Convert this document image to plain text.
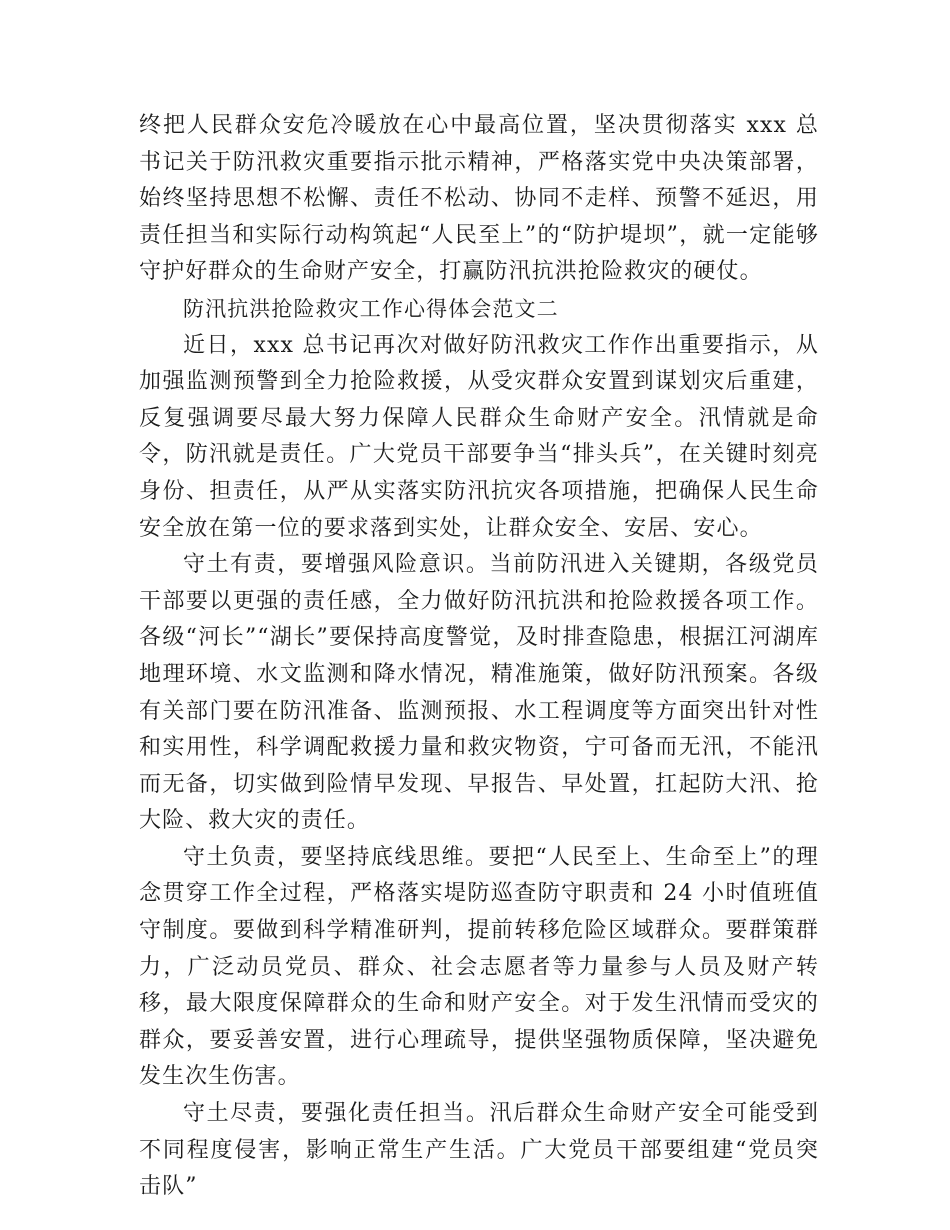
终把人民群众安危冷暖放在心中最高位置，坚决贯彻落实 xxx 总书记关于防汛救灾重要指示批示精神，严格落实党中央决策部署，始终坚持思想不松懈、责任不松动、协同不走样、预警不延迟，用责任担当和实际行动构筑起“人民至上”的“防护堤坝”，就一定能够守护好群众的生命财产安全，打赢防汛抗洪抢险救灾的硬仗。

防汛抗洪抢险救灾工作心得体会范文二

近日，xxx 总书记再次对做好防汛救灾工作作出重要指示，从加强监测预警到全力抢险救援，从受灾群众安置到谋划灾后重建，反复强调要尽最大努力保障人民群众生命财产安全。汛情就是命令，防汛就是责任。广大党员干部要争当“排头兵”，在关键时刻亮身份、担责任，从严从实落实防汛抗灾各项措施，把确保人民生命安全放在第一位的要求落到实处，让群众安全、安居、安心。

守土有责，要增强风险意识。当前防汛进入关键期，各级党员干部要以更强的责任感，全力做好防汛抗洪和抢险救援各项工作。各级“河长”“湖长”要保持高度警觉，及时排查隐患，根据江河湖库地理环境、水文监测和降水情况，精准施策，做好防汛预案。各级有关部门要在防汛准备、监测预报、水工程调度等方面突出针对性和实用性，科学调配救援力量和救灾物资，宁可备而无汛，不能汛而无备，切实做到险情早发现、早报告、早处置，扛起防大汛、抢大险、救大灾的责任。

守土负责，要坚持底线思维。要把“人民至上、生命至上”的理念贯穿工作全过程，严格落实堤防巡查防守职责和 24 小时值班值守制度。要做到科学精准研判，提前转移危险区域群众。要群策群力，广泛动员党员、群众、社会志愿者等力量参与人员及财产转移，最大限度保障群众的生命和财产安全。对于发生汛情而受灾的群众，要妥善安置，进行心理疏导，提供坚强物质保障，坚决避免发生次生伤害。

守土尽责，要强化责任担当。汛后群众生命财产安全可能受到不同程度侵害，影响正常生产生活。广大党员干部要组建“党员突击队”
